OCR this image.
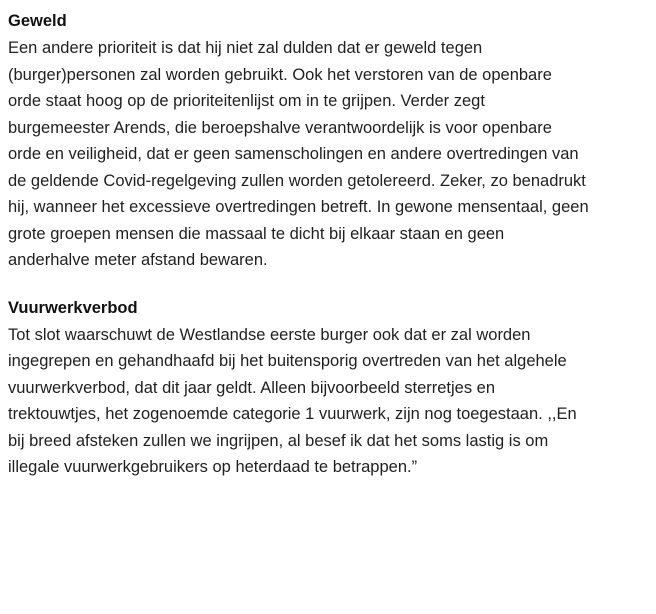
Geweld

Een andere prioriteit is dat hij niet zal dulden dat er geweld tegen
(burger)personen zal worden gebruikt. Ook het verstoren van de openbare
orde staat hoog op de prioriteitenlijst om in te grijpen. Verder zegt
burgemeester Arends, die beroepshalve verantwoordelijk is voor openbare
orde en veiligheid, dat er geen samenscholingen en andere overtredingen van
de geldende Covid-regelgeving zullen worden getolereerd. Zeker, zo benadrukt
hij, wanneer het excessieve overtredingen betreft. In gewone mensentaal, geen
grote groepen mensen die massaal te dicht bij elkaar staan en geen
anderhalve meter afstand bewaren.

Vuurwerkverbod

Tot slot waarschuwt de Westlandse eerste burger ook dat er zal worden
ingegrepen en gehandhaafd bij het buitensporig overtreden van het algehele
vuurwerkverbod, dat dit jaar geldt. Alleen bijvoorbeeld sterretjes en
trektouwtjes, het zogenoemde categorie 1 vuurwerk, zijn nog toegestaan. ,,En
bij breed afsteken zullen we ingrijpen, al besef ik dat het soms lastig is om
illegale vuurwerkgebruikers op heterdaad te betrappen.”
